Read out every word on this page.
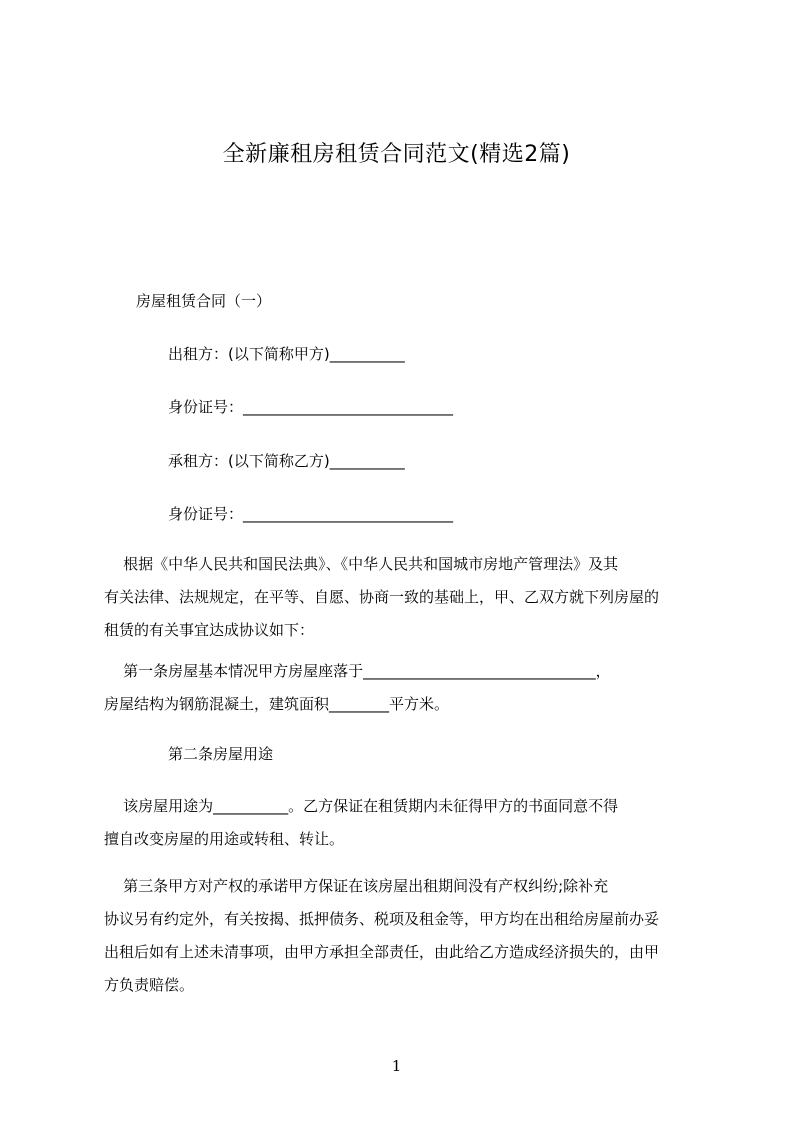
全新廉租房租赁合同范文(精选2篇)
房屋租赁合同（一）
出租方：(以下简称甲方)__________
身份证号：____________________________
承租方：(以下简称乙方)__________
身份证号：____________________________
根据《中华人民共和国民法典》、《中华人民共和国城市房地产管理法》及其
有关法律、法规规定，在平等、自愿、协商一致的基础上，甲、乙双方就下列房屋的
租赁的有关事宜达成协议如下：
第一条房屋基本情况甲方房屋座落于_______________________________，
房屋结构为钢筋混凝土，建筑面积________平方米。
第二条房屋用途
该房屋用途为__________。乙方保证在租赁期内未征得甲方的书面同意不得
擅自改变房屋的用途或转租、转让。
第三条甲方对产权的承诺甲方保证在该房屋出租期间没有产权纠纷;除补充
协议另有约定外，有关按揭、抵押债务、税项及租金等，甲方均在出租给房屋前办妥
出租后如有上述未清事项，由甲方承担全部责任，由此给乙方造成经济损失的，由甲
方负责赔偿。
1
